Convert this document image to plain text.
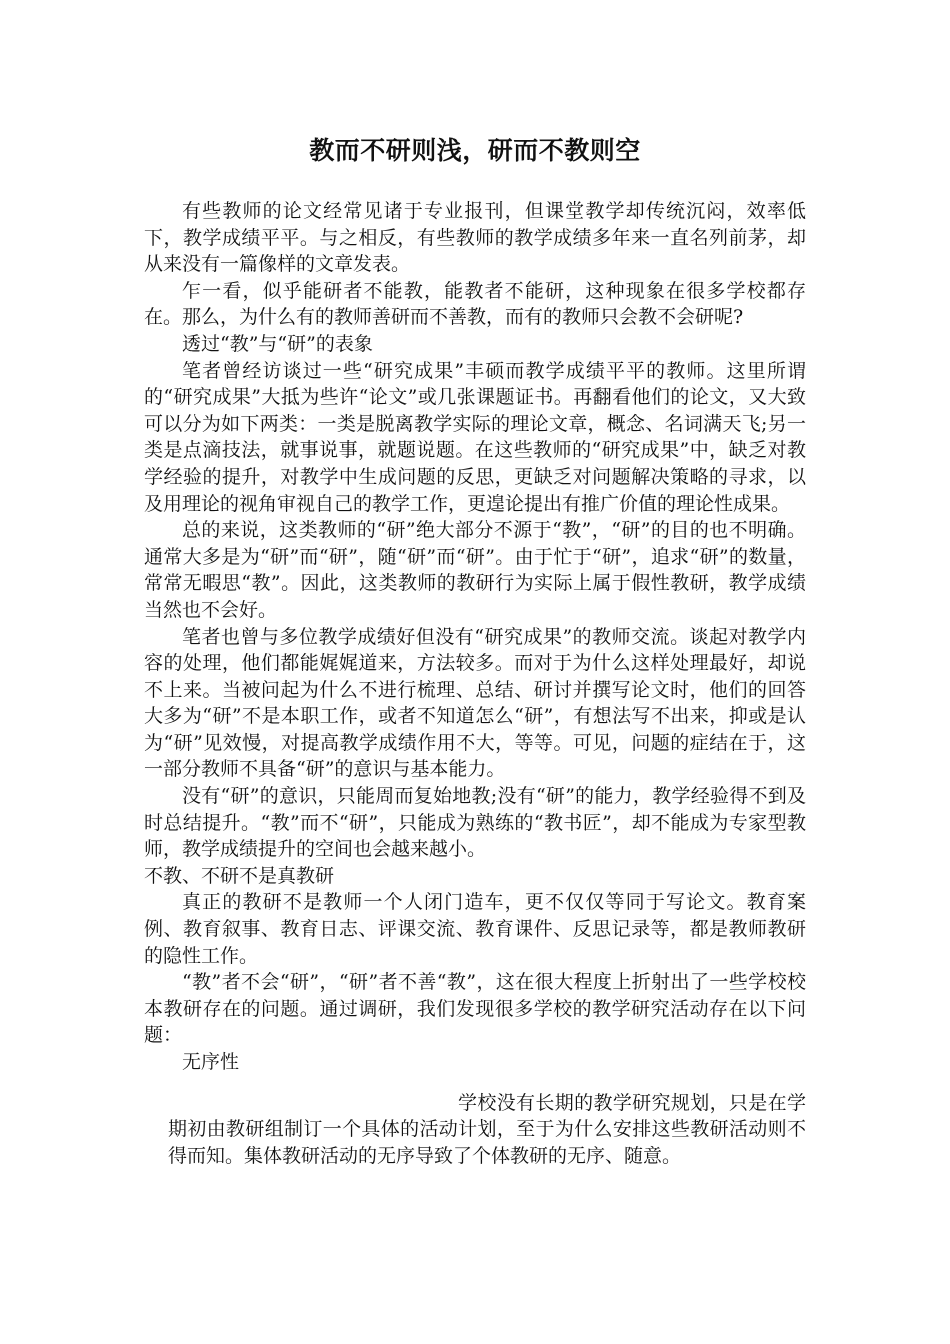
教而不研则浅，研而不教则空

有些教师的论文经常见诸于专业报刊，但课堂教学却传统沉闷，效率低下，教学成绩平平。与之相反，有些教师的教学成绩多年来一直名列前茅，却从来没有一篇像样的文章发表。

乍一看，似乎能研者不能教，能教者不能研，这种现象在很多学校都存在。那么，为什么有的教师善研而不善教，而有的教师只会教不会研呢?

透过“教”与“研”的表象

笔者曾经访谈过一些“研究成果”丰硕而教学成绩平平的教师。这里所谓的“研究成果”大抵为些许“论文”或几张课题证书。再翻看他们的论文，又大致可以分为如下两类：一类是脱离教学实际的理论文章，概念、名词满天飞;另一类是点滴技法，就事说事，就题说题。在这些教师的“研究成果”中，缺乏对教学经验的提升，对教学中生成问题的反思，更缺乏对问题解决策略的寻求，以及用理论的视角审视自己的教学工作，更遑论提出有推广价值的理论性成果。

总的来说，这类教师的“研”绝大部分不源于“教”，“研”的目的也不明确。通常大多是为“研”而“研”，随“研”而“研”。由于忙于“研”，追求“研”的数量，常常无暇思“教”。因此，这类教师的教研行为实际上属于假性教研，教学成绩当然也不会好。

笔者也曾与多位教学成绩好但没有“研究成果”的教师交流。谈起对教学内容的处理，他们都能娓娓道来，方法较多。而对于为什么这样处理最好，却说不上来。当被问起为什么不进行梳理、总结、研讨并撰写论文时，他们的回答大多为“研”不是本职工作，或者不知道怎么“研”，有想法写不出来，抑或是认为“研”见效慢，对提高教学成绩作用不大，等等。可见，问题的症结在于，这一部分教师不具备“研”的意识与基本能力。

没有“研”的意识，只能周而复始地教;没有“研”的能力，教学经验得不到及时总结提升。“教”而不“研”，只能成为熟练的“教书匠”，却不能成为专家型教师，教学成绩提升的空间也会越来越小。

不教、不研不是真教研

真正的教研不是教师一个人闭门造车，更不仅仅等同于写论文。教育案例、教育叙事、教育日志、评课交流、教育课件、反思记录等，都是教师教研的隐性工作。

“教”者不会“研”，“研”者不善“教”，这在很大程度上折射出了一些学校校本教研存在的问题。通过调研，我们发现很多学校的教学研究活动存在以下问题：

无序性

学校没有长期的教学研究规划，只是在学期初由教研组制订一个具体的活动计划，至于为什么安排这些教研活动则不得而知。集体教研活动的无序导致了个体教研的无序、随意。
